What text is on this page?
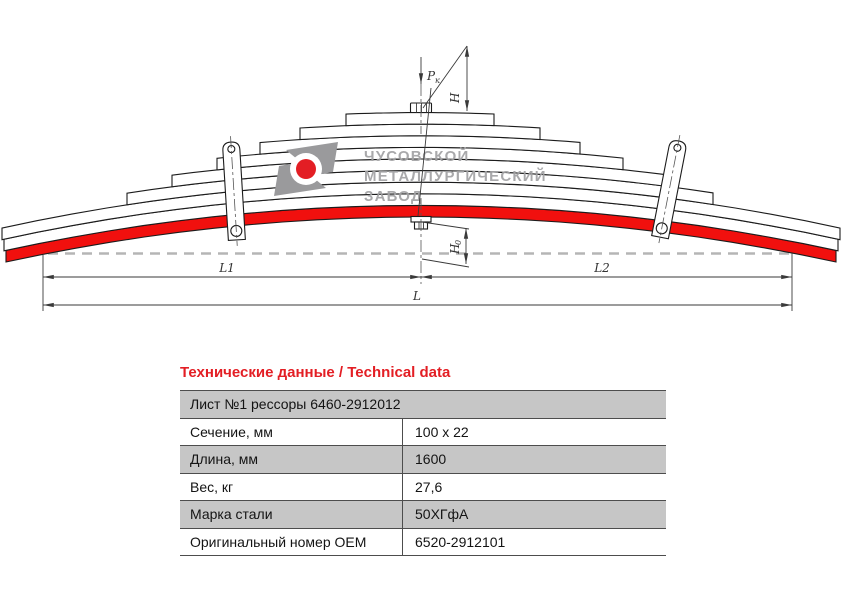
ЧУСОВСКОЙ
МЕТАЛЛУРГИЧЕСКИЙ
ЗАВОД
P к
H
H
0
L1	L2
L
Технические данные / Technical data
Лист №1 рессоры 6460-2912012	
Сечение, мм	100 x 22
Длина, мм	1600
Вес, кг	27,6
Марка стали	50ХГфА
Оригинальный номер OEM	6520-2912101
